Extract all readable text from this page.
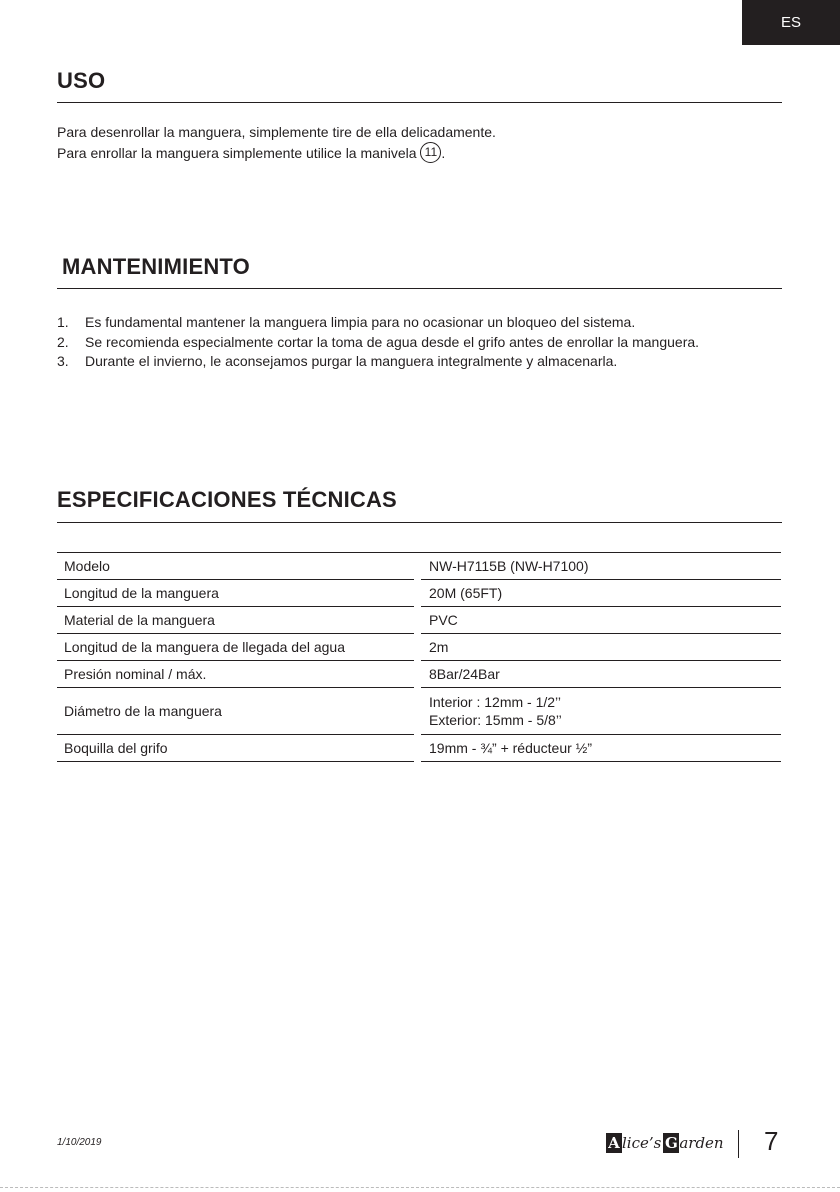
ES
USO

Para desenrollar la manguera, simplemente tire de ella delicadamente.
Para enrollar la manguera simplemente utilice la manivela 11 .

MANTENIMIENTO
1.	Es fundamental mantener la manguera limpia para no ocasionar un bloqueo del sistema.
2.	Se recomienda especialmente cortar la toma de agua desde el grifo antes de enrollar la manguera.
3.	Durante el invierno, le aconsejamos purgar la manguera integralmente y almacenarla.
ESPECIFICACIONES TÉCNICAS
Modelo		NW-H7115B (NW-H7100)
Longitud de la manguera		20M (65FT)
Material de la manguera		PVC
Longitud de la manguera de llegada del agua		2m
Presión nominal / máx.		8Bar/24Bar
Diámetro de la manguera		Interior : 12mm - 1/2’’
Exterior: 15mm - 5/8’’
Boquilla del grifo		19mm - ¾” + réducteur ½”
1/10/2019	A lice’s G arden 7
